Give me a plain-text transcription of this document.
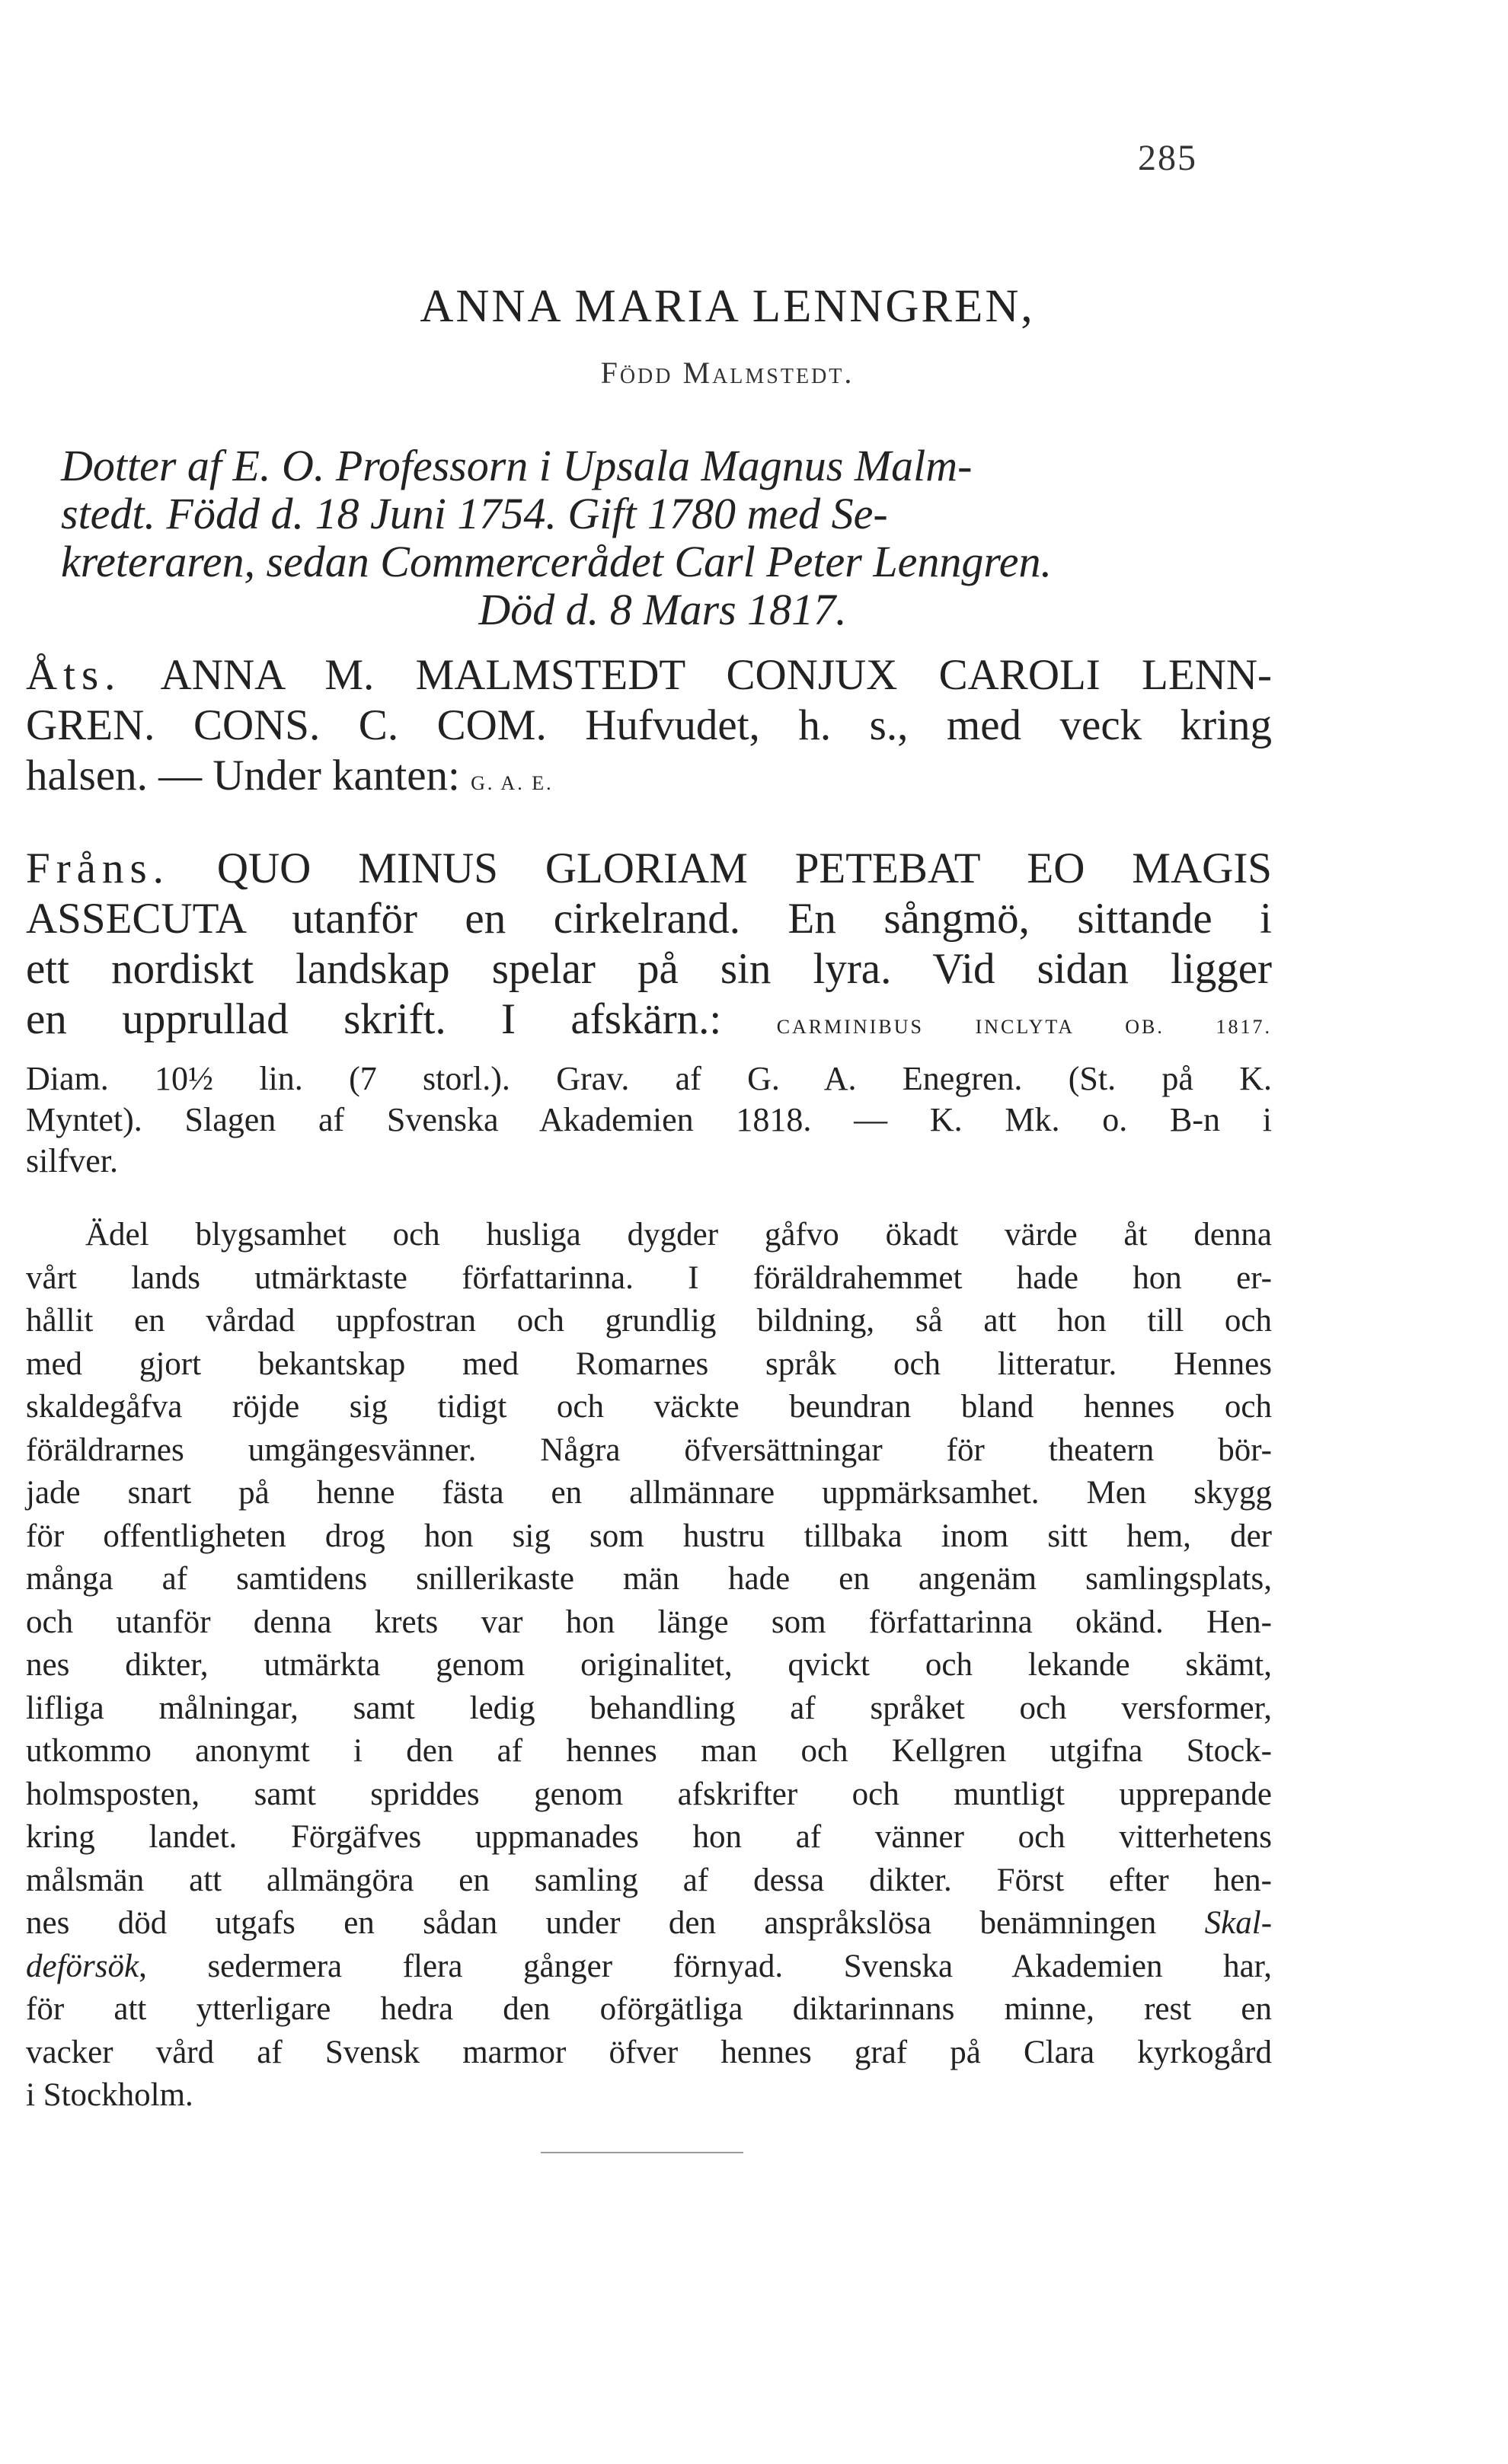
285
ANNA MARIA LENNGREN,
Född Malmstedt.
Dotter af E. O. Professorn i Upsala Magnus Malm-
stedt. Född d. 18 Juni 1754. Gift 1780 med Se-
kreteraren, sedan Commercerådet Carl Peter Lenngren.
Död d. 8 Mars 1817.
Åts. ANNA M. MALMSTEDT CONJUX CAROLI LENN-
GREN. CONS. C. COM. Hufvudet, h. s., med veck kring
halsen. — Under kanten: G. A. E.
Fråns. QUO MINUS GLORIAM PETEBAT EO MAGIS
ASSECUTA utanför en cirkelrand. En sångmö, sittande i
ett nordiskt landskap spelar på sin lyra. Vid sidan ligger
en upprullad skrift. I afskärn.:	CARMINIBUS INCLYTA OB. 1817.
Diam. 10½ lin. (7 storl.). Grav. af G. A. Enegren. (St. på K.
Myntet). Slagen af Svenska Akademien 1818. — K. Mk. o. B-n i
silfver.
Ädel blygsamhet och husliga dygder gåfvo ökadt värde åt denna
vårt lands utmärktaste författarinna. I föräldrahemmet hade hon er-
hållit en vårdad uppfostran och grundlig bildning, så att hon till och
med gjort bekantskap med Romarnes språk och litteratur. Hennes
skaldegåfva röjde sig tidigt och väckte beundran bland hennes och
föräldrarnes umgängesvänner. Några öfversättningar för theatern bör-
jade snart på henne fästa en allmännare uppmärksamhet. Men skygg
för offentligheten drog hon sig som hustru tillbaka inom sitt hem, der
många af samtidens snillerikaste män hade en angenäm samlingsplats,
och utanför denna krets var hon länge som författarinna okänd. Hen-
nes dikter, utmärkta genom originalitet, qvickt och lekande skämt,
lifliga målningar, samt ledig behandling af språket och versformer,
utkommo anonymt i den af hennes man och Kellgren utgifna Stock-
holmsposten, samt spriddes genom afskrifter och muntligt upprepande
kring landet. Förgäfves uppmanades hon af vänner och vitterhetens
målsmän att allmängöra en samling af dessa dikter. Först efter hen-
nes död utgafs en sådan under den anspråkslösa benämningen Skal-
deförsök, sedermera flera gånger förnyad. Svenska Akademien har,
för att ytterligare hedra den oförgätliga diktarinnans minne, rest en
vacker vård af Svensk marmor öfver hennes graf på Clara kyrkogård
i Stockholm.
